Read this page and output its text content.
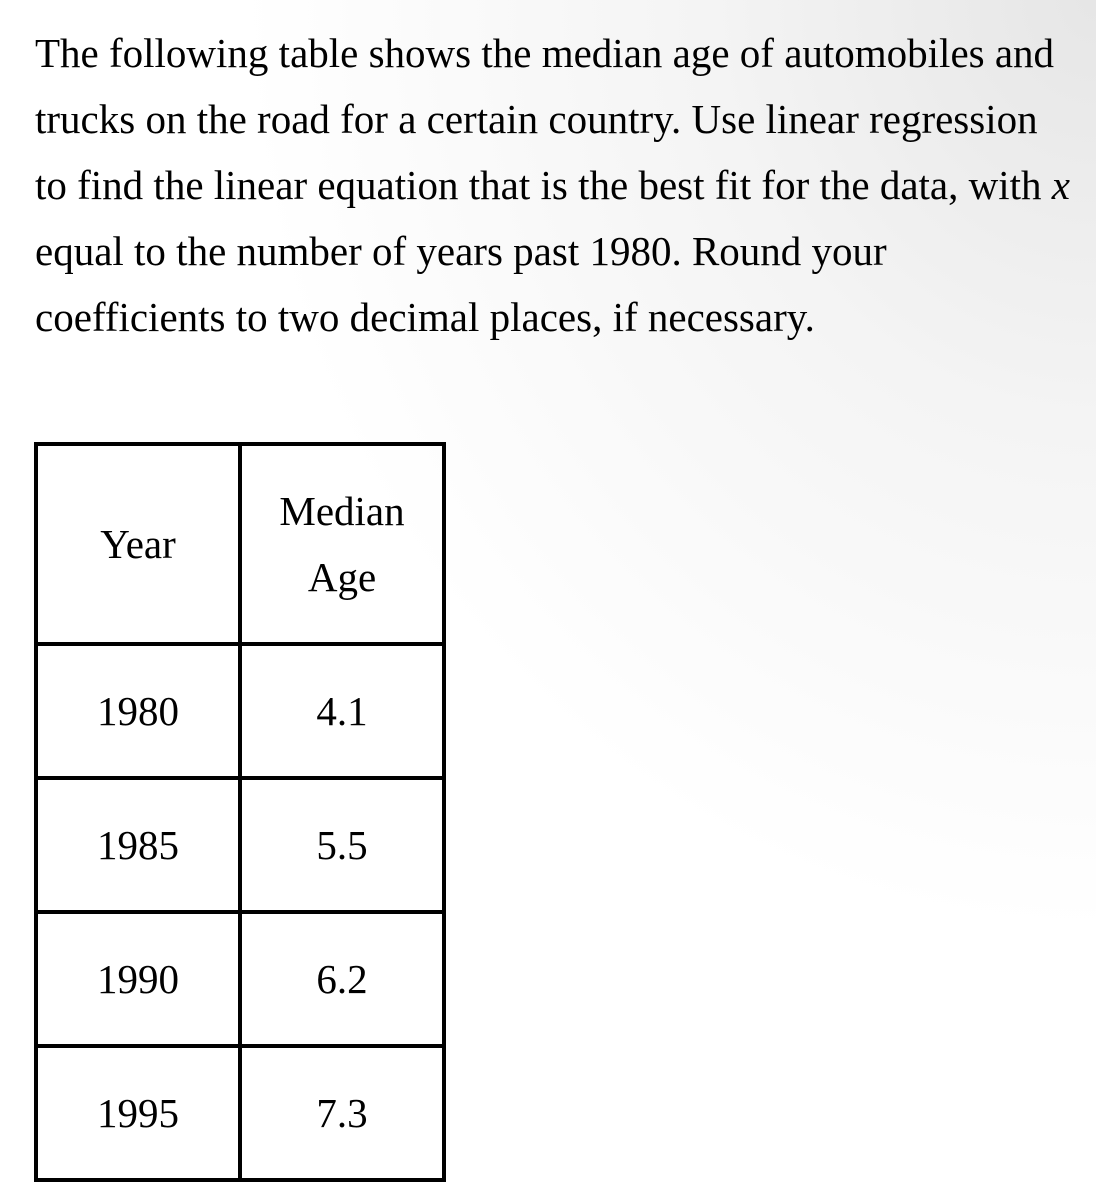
The following table shows the median age of automobiles and trucks on the road for a certain country. Use linear regression to find the linear equation that is the best fit for the data, with x equal to the number of years past 1980. Round your coefficients to two decimal places, if necessary.

Year	Median
Age
1980	4.1
1985	5.5
1990	6.2
1995	7.3
